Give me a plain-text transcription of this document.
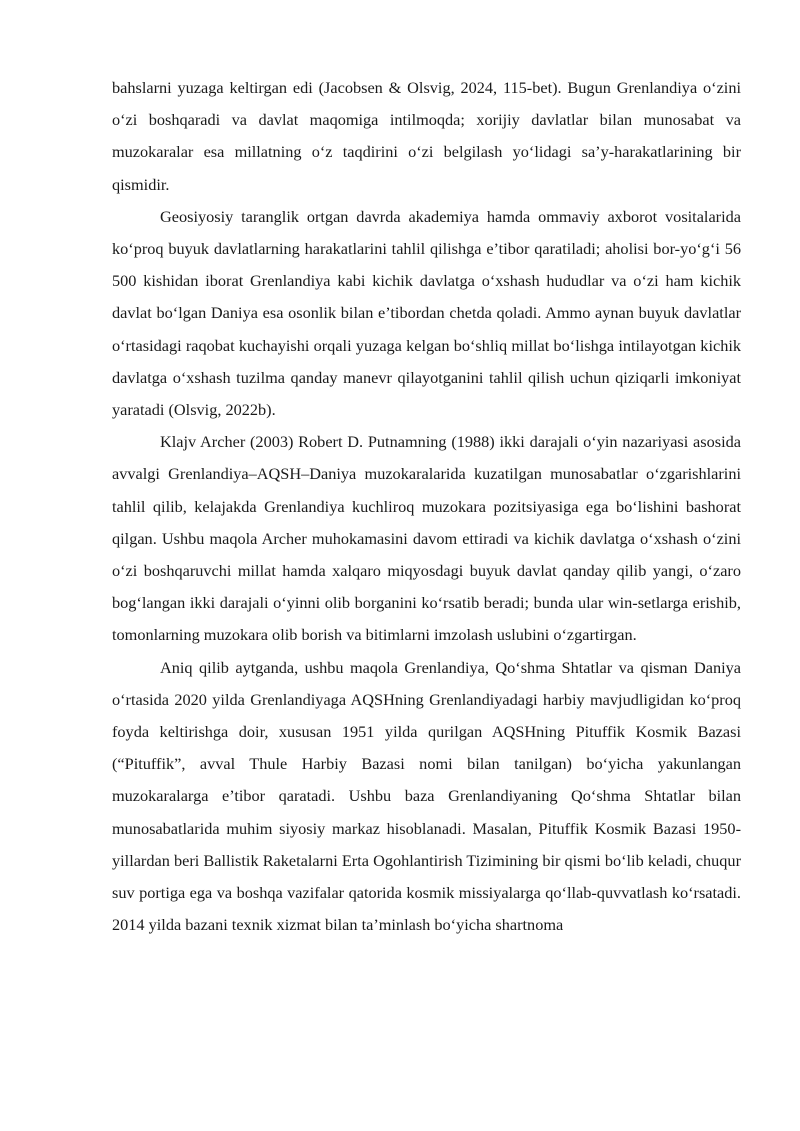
bahslarni yuzaga keltirgan edi (Jacobsen & Olsvig, 2024, 115-bet). Bugun Grenlandiya o‘zini o‘zi boshqaradi va davlat maqomiga intilmoqda; xorijiy davlatlar bilan munosabat va muzokaralar esa millatning o‘z taqdirini o‘zi belgilash yo‘lidagi sa’y-harakatlarining bir qismidir.

Geosiyosiy taranglik ortgan davrda akademiya hamda ommaviy axborot vositalarida ko‘proq buyuk davlatlarning harakatlarini tahlil qilishga e’tibor qaratiladi; aholisi bor-yo‘g‘i 56 500 kishidan iborat Grenlandiya kabi kichik davlatga o‘xshash hududlar va o‘zi ham kichik davlat bo‘lgan Daniya esa osonlik bilan e’tibordan chetda qoladi. Ammo aynan buyuk davlatlar o‘rtasidagi raqobat kuchayishi orqali yuzaga kelgan bo‘shliq millat bo‘lishga intilayotgan kichik davlatga o‘xshash tuzilma qanday manevr qilayotganini tahlil qilish uchun qiziqarli imkoniyat yaratadi (Olsvig, 2022b).

Klajv Archer (2003) Robert D. Putnamning (1988) ikki darajali o‘yin nazariyasi asosida avvalgi Grenlandiya–AQSH–Daniya muzokaralarida kuzatilgan munosabatlar o‘zgarishlarini tahlil qilib, kelajakda Grenlandiya kuchliroq muzokara pozitsiyasiga ega bo‘lishini bashorat qilgan. Ushbu maqola Archer muhokamasini davom ettiradi va kichik davlatga o‘xshash o‘zini o‘zi boshqaruvchi millat hamda xalqaro miqyosdagi buyuk davlat qanday qilib yangi, o‘zaro bog‘langan ikki darajali o‘yinni olib borganini ko‘rsatib beradi; bunda ular win-setlarga erishib, tomonlarning muzokara olib borish va bitimlarni imzolash uslubini o‘zgartirgan.

Aniq qilib aytganda, ushbu maqola Grenlandiya, Qo‘shma Shtatlar va qisman Daniya o‘rtasida 2020 yilda Grenlandiyaga AQSHning Grenlandiyadagi harbiy mavjudligidan ko‘proq foyda keltirishga doir, xususan 1951 yilda qurilgan AQSHning Pituffik Kosmik Bazasi (“Pituffik”, avval Thule Harbiy Bazasi nomi bilan tanilgan) bo‘yicha yakunlangan muzokaralarga e’tibor qaratadi. Ushbu baza Grenlandiyaning Qo‘shma Shtatlar bilan munosabatlarida muhim siyosiy markaz hisoblanadi. Masalan, Pituffik Kosmik Bazasi 1950-yillardan beri Ballistik Raketalarni Erta Ogohlantirish Tizimining bir qismi bo‘lib keladi, chuqur suv portiga ega va boshqa vazifalar qatorida kosmik missiyalarga qo‘llab-quvvatlash ko‘rsatadi. 2014 yilda bazani texnik xizmat bilan ta’minlash bo‘yicha shartnoma
